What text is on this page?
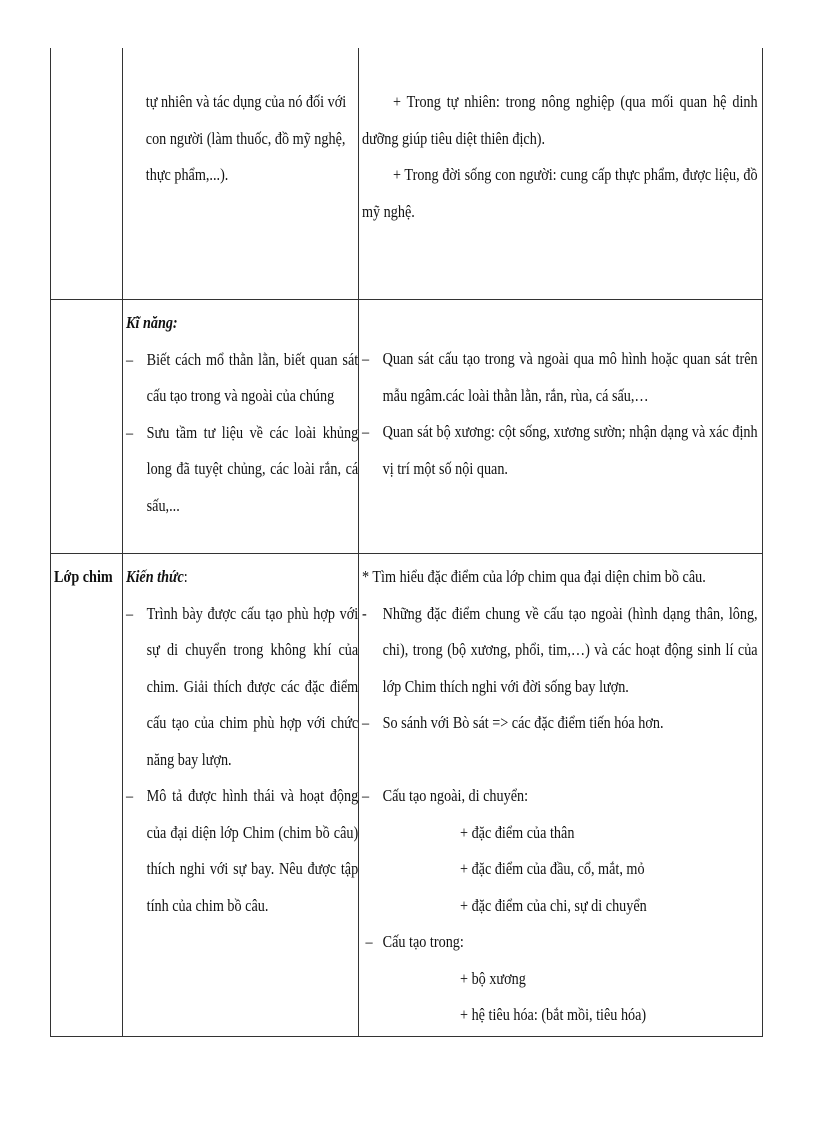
tự nhiên và tác dụng của nó đối với

con người (làm thuốc, đồ mỹ nghệ,

thực phẩm,...).

+ Trong tự nhiên: trong nông nghiệp (qua mối quan hệ dinh dưỡng giúp tiêu diệt thiên địch).

+ Trong đời sống con người: cung cấp thực phẩm, được liệu, đồ mỹ nghệ.

Kĩ năng:

– Biết cách mổ thằn lằn, biết quan sát cấu tạo trong và ngoài của chúng
– Sưu tầm tư liệu về các loài khủng long đã tuyệt chủng, các loài rắn, cá sấu,...
– Quan sát cấu tạo trong và ngoài qua mô hình hoặc quan sát trên mẫu ngâm.các loài thằn lằn, rắn, rùa, cá sấu,…
– Quan sát bộ xương: cột sống, xương sườn; nhận dạng và xác định vị trí một số nội quan.

Lớp chim Kiến thức:

– Trình bày được cấu tạo phù hợp với sự di chuyển trong không khí của chim. Giải thích được các đặc điểm cấu tạo của chim phù hợp với chức năng bay lượn.
– Mô tả được hình thái và hoạt động của đại diện lớp Chim (chim bồ câu) thích nghi với sự bay. Nêu được tập tính của chim bồ câu.

* Tìm hiểu đặc điểm của lớp chim qua đại diện chim bồ câu.

- Những đặc điểm chung về cấu tạo ngoài (hình dạng thân, lông, chi), trong (bộ xương, phổi, tim,…) và các hoạt động sinh lí của lớp Chim thích nghi với đời sống bay lượn.
– So sánh với Bò sát => các đặc điểm tiến hóa hơn.

– Cấu tạo ngoài, di chuyển:

+ đặc điểm của thân

+ đặc điểm của đầu, cổ, mắt, mỏ

+ đặc điểm của chi, sự di chuyển

– Cấu tạo trong:

+ bộ xương

+ hệ tiêu hóa: (bắt mồi, tiêu hóa)
